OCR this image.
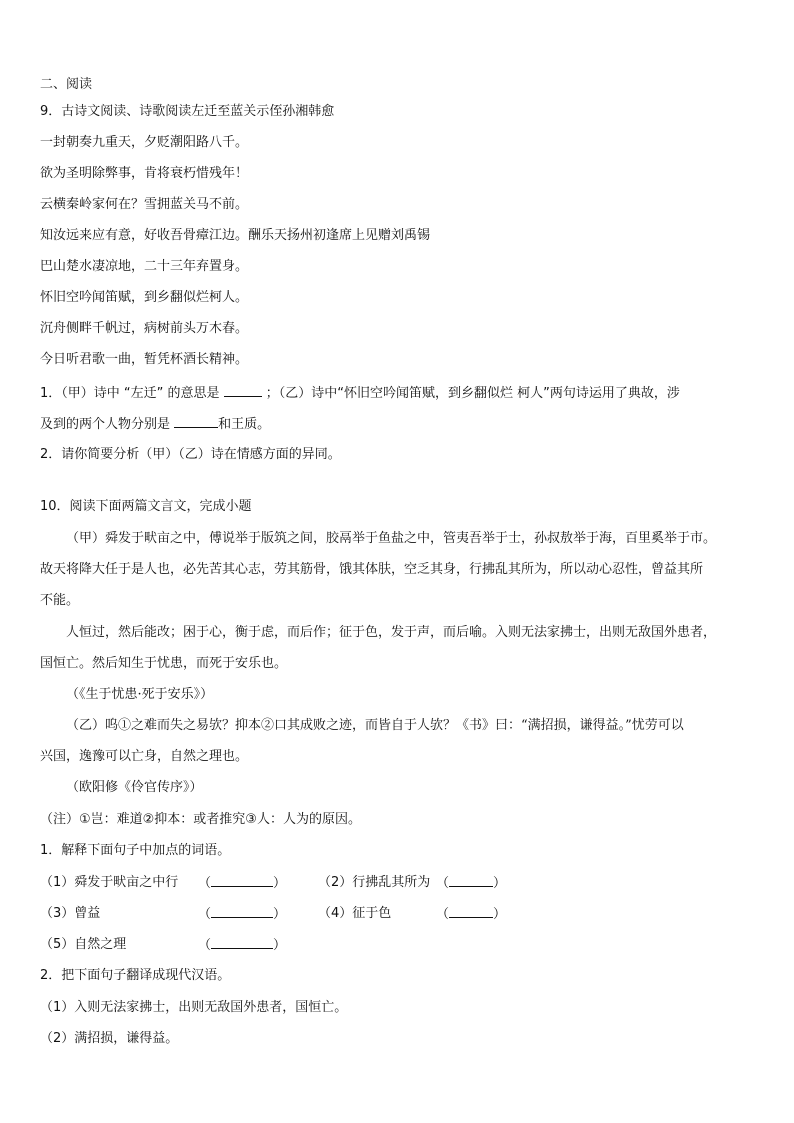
二、阅读
9．古诗文阅读、诗歌阅读左迁至蓝关示侄孙湘韩愈
一封朝奏九重天，夕贬潮阳路八千。
欲为圣明除弊事，肯将衰朽惜残年！
云横秦岭家何在？雪拥蓝关马不前。
知汝远来应有意，好收吾骨瘴江边。酬乐天扬州初逢席上见赠刘禹锡
巴山楚水凄凉地，二十三年弃置身。
怀旧空吟闻笛赋，到乡翻似烂柯人。
沉舟侧畔千帆过，病树前头万木春。
今日听君歌一曲，暂凭杯酒长精神。
1．（甲）诗中 “左迁” 的意思是	；（乙）诗中“怀旧空吟闻笛赋，到乡翻似烂 柯人”两句诗运用了典故，涉
及到的两个人物分别是	和王质。
2．请你简要分析（甲）（乙）诗在情感方面的异同。
10．阅读下面两篇文言文，完成小题
（甲）舜发于畎亩之中，傅说举于版筑之间，胶鬲举于鱼盐之中，管夷吾举于士，孙叔敖举于海，百里奚举于市。
故天将降大任于是人也，必先苦其心志，劳其筋骨，饿其体肤，空乏其身，行拂乱其所为，所以动心忍性，曾益其所
不能。
人恒过，然后能改；困于心，衡于虑，而后作；征于色，发于声，而后喻。入则无法家拂士，出则无敌国外患者，
国恒亡。然后知生于忧患，而死于安乐也。
（《生于忧患·死于安乐》）
（乙）呜①之难而失之易欤？抑本②口其成败之迹，而皆自于人欤？《书》曰：“满招损，谦得益。”忧劳可以
兴国，逸豫可以亡身，自然之理也。
（欧阳修《伶官传序》）
（注）①岂：难道②抑本：或者推究③人：人为的原因。
1．解释下面句子中加点的词语。
（1）舜发于畎亩之中行 （	） （2）行拂乱其所为 （	）
（3）曾益	（	） （4）征于色	（	）
（5）自然之理	（	）
2．把下面句子翻译成现代汉语。
（1）入则无法家拂士，出则无敌国外患者，国恒亡。
（2）满招损，谦得益。
